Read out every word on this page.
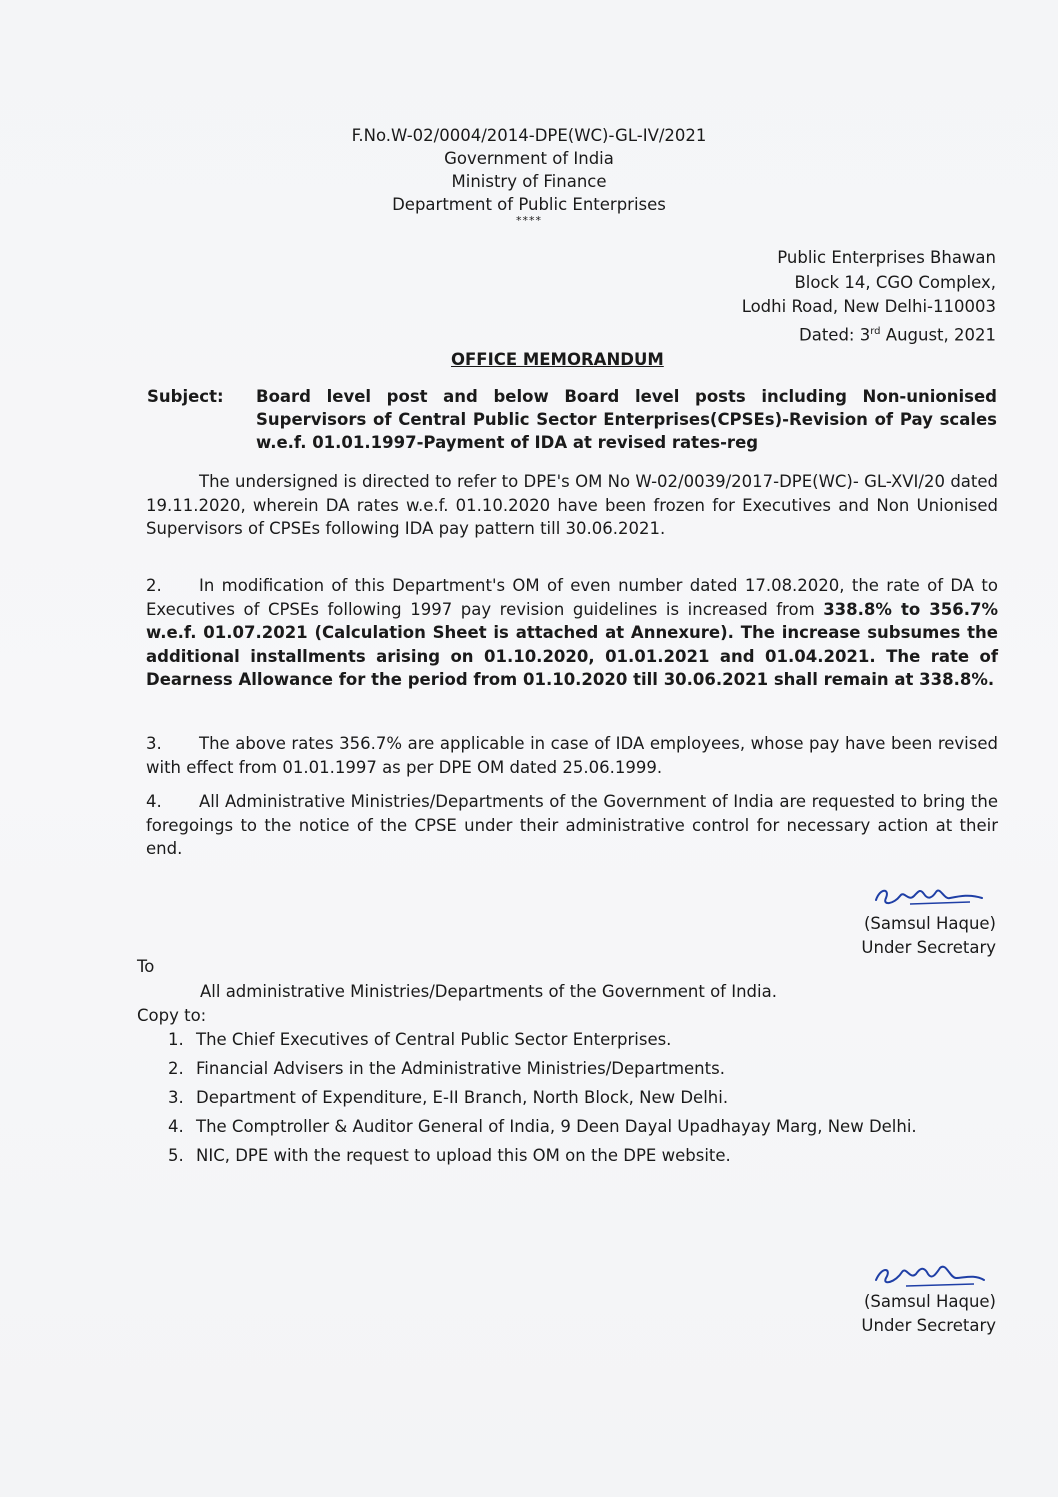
F.No.W-02/0004/2014-DPE(WC)-GL-IV/2021
Government of India
Ministry of Finance
Department of Public Enterprises
****
Public Enterprises Bhawan
Block 14, CGO Complex,
Lodhi Road, New Delhi-110003
Dated: 3rd August, 2021
OFFICE MEMORANDUM
Subject: Board level post and below Board level posts including Non-unionised Supervisors of Central Public Sector Enterprises(CPSEs)-Revision of Pay scales w.e.f. 01.01.1997-Payment of IDA at revised rates-reg
The undersigned is directed to refer to DPE's OM No W-02/0039/2017-DPE(WC)- GL-XVI/20 dated 19.11.2020, wherein DA rates w.e.f. 01.10.2020 have been frozen for Executives and Non Unionised Supervisors of CPSEs following IDA pay pattern till 30.06.2021.
2. In modification of this Department's OM of even number dated 17.08.2020, the rate of DA to Executives of CPSEs following 1997 pay revision guidelines is increased from 338.8% to 356.7% w.e.f. 01.07.2021 (Calculation Sheet is attached at Annexure). The increase subsumes the additional installments arising on 01.10.2020, 01.01.2021 and 01.04.2021. The rate of Dearness Allowance for the period from 01.10.2020 till 30.06.2021 shall remain at 338.8%.
3. The above rates 356.7% are applicable in case of IDA employees, whose pay have been revised with effect from 01.01.1997 as per DPE OM dated 25.06.1999.
4. All Administrative Ministries/Departments of the Government of India are requested to bring the foregoings to the notice of the CPSE under their administrative control for necessary action at their end.
(Samsul Haque)
Under Secretary
To
All administrative Ministries/Departments of the Government of India.
Copy to:
1. The Chief Executives of Central Public Sector Enterprises.
2. Financial Advisers in the Administrative Ministries/Departments.
3. Department of Expenditure, E-II Branch, North Block, New Delhi.
4. The Comptroller & Auditor General of India, 9 Deen Dayal Upadhayay Marg, New Delhi.
5. NIC, DPE with the request to upload this OM on the DPE website.
(Samsul Haque)
Under Secretary
